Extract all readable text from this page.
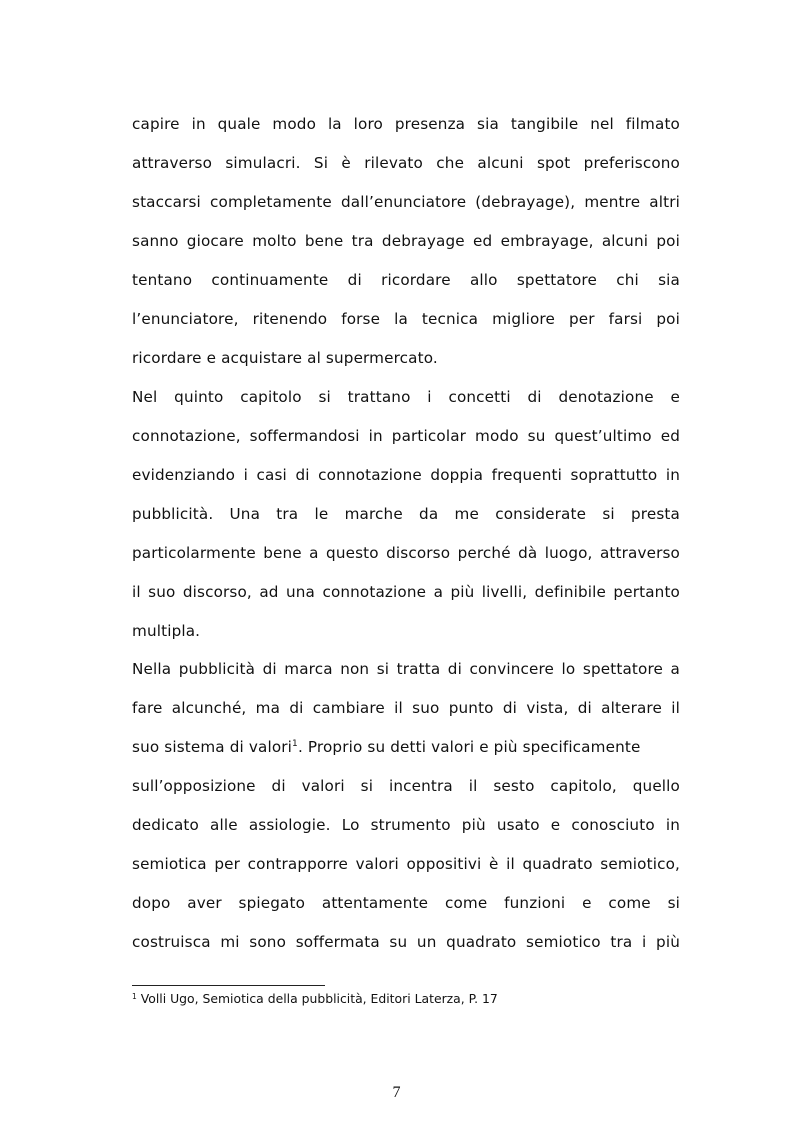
capire in quale modo la loro presenza sia tangibile nel filmato
attraverso simulacri. Si è rilevato che alcuni spot preferiscono
staccarsi completamente dall’enunciatore (debrayage), mentre altri
sanno giocare molto bene tra debrayage ed embrayage, alcuni poi
tentano continuamente di ricordare allo spettatore chi sia
l’enunciatore, ritenendo forse la tecnica migliore per farsi poi
ricordare e acquistare al supermercato.
Nel quinto capitolo si trattano i concetti di denotazione e
connotazione, soffermandosi in particolar modo su quest’ultimo ed
evidenziando i casi di connotazione doppia frequenti soprattutto in
pubblicità. Una tra le marche da me considerate si presta
particolarmente bene a questo discorso perché dà luogo, attraverso
il suo discorso, ad una connotazione a più livelli, definibile pertanto
multipla.
Nella pubblicità di marca non si tratta di convincere lo spettatore a
fare alcunché, ma di cambiare il suo punto di vista, di alterare il
suo sistema di valori$^1$. Proprio su detti valori e più specificamente
sull’opposizione di valori si incentra il sesto capitolo, quello
dedicato alle assiologie. Lo strumento più usato e conosciuto in
semiotica per contrapporre valori oppositivi è il quadrato semiotico,
dopo aver spiegato attentamente come funzioni e come si
costruisca mi sono soffermata su un quadrato semiotico tra i più
$^1$ Volli Ugo, Semiotica della pubblicità, Editori Laterza, P. 17
7
